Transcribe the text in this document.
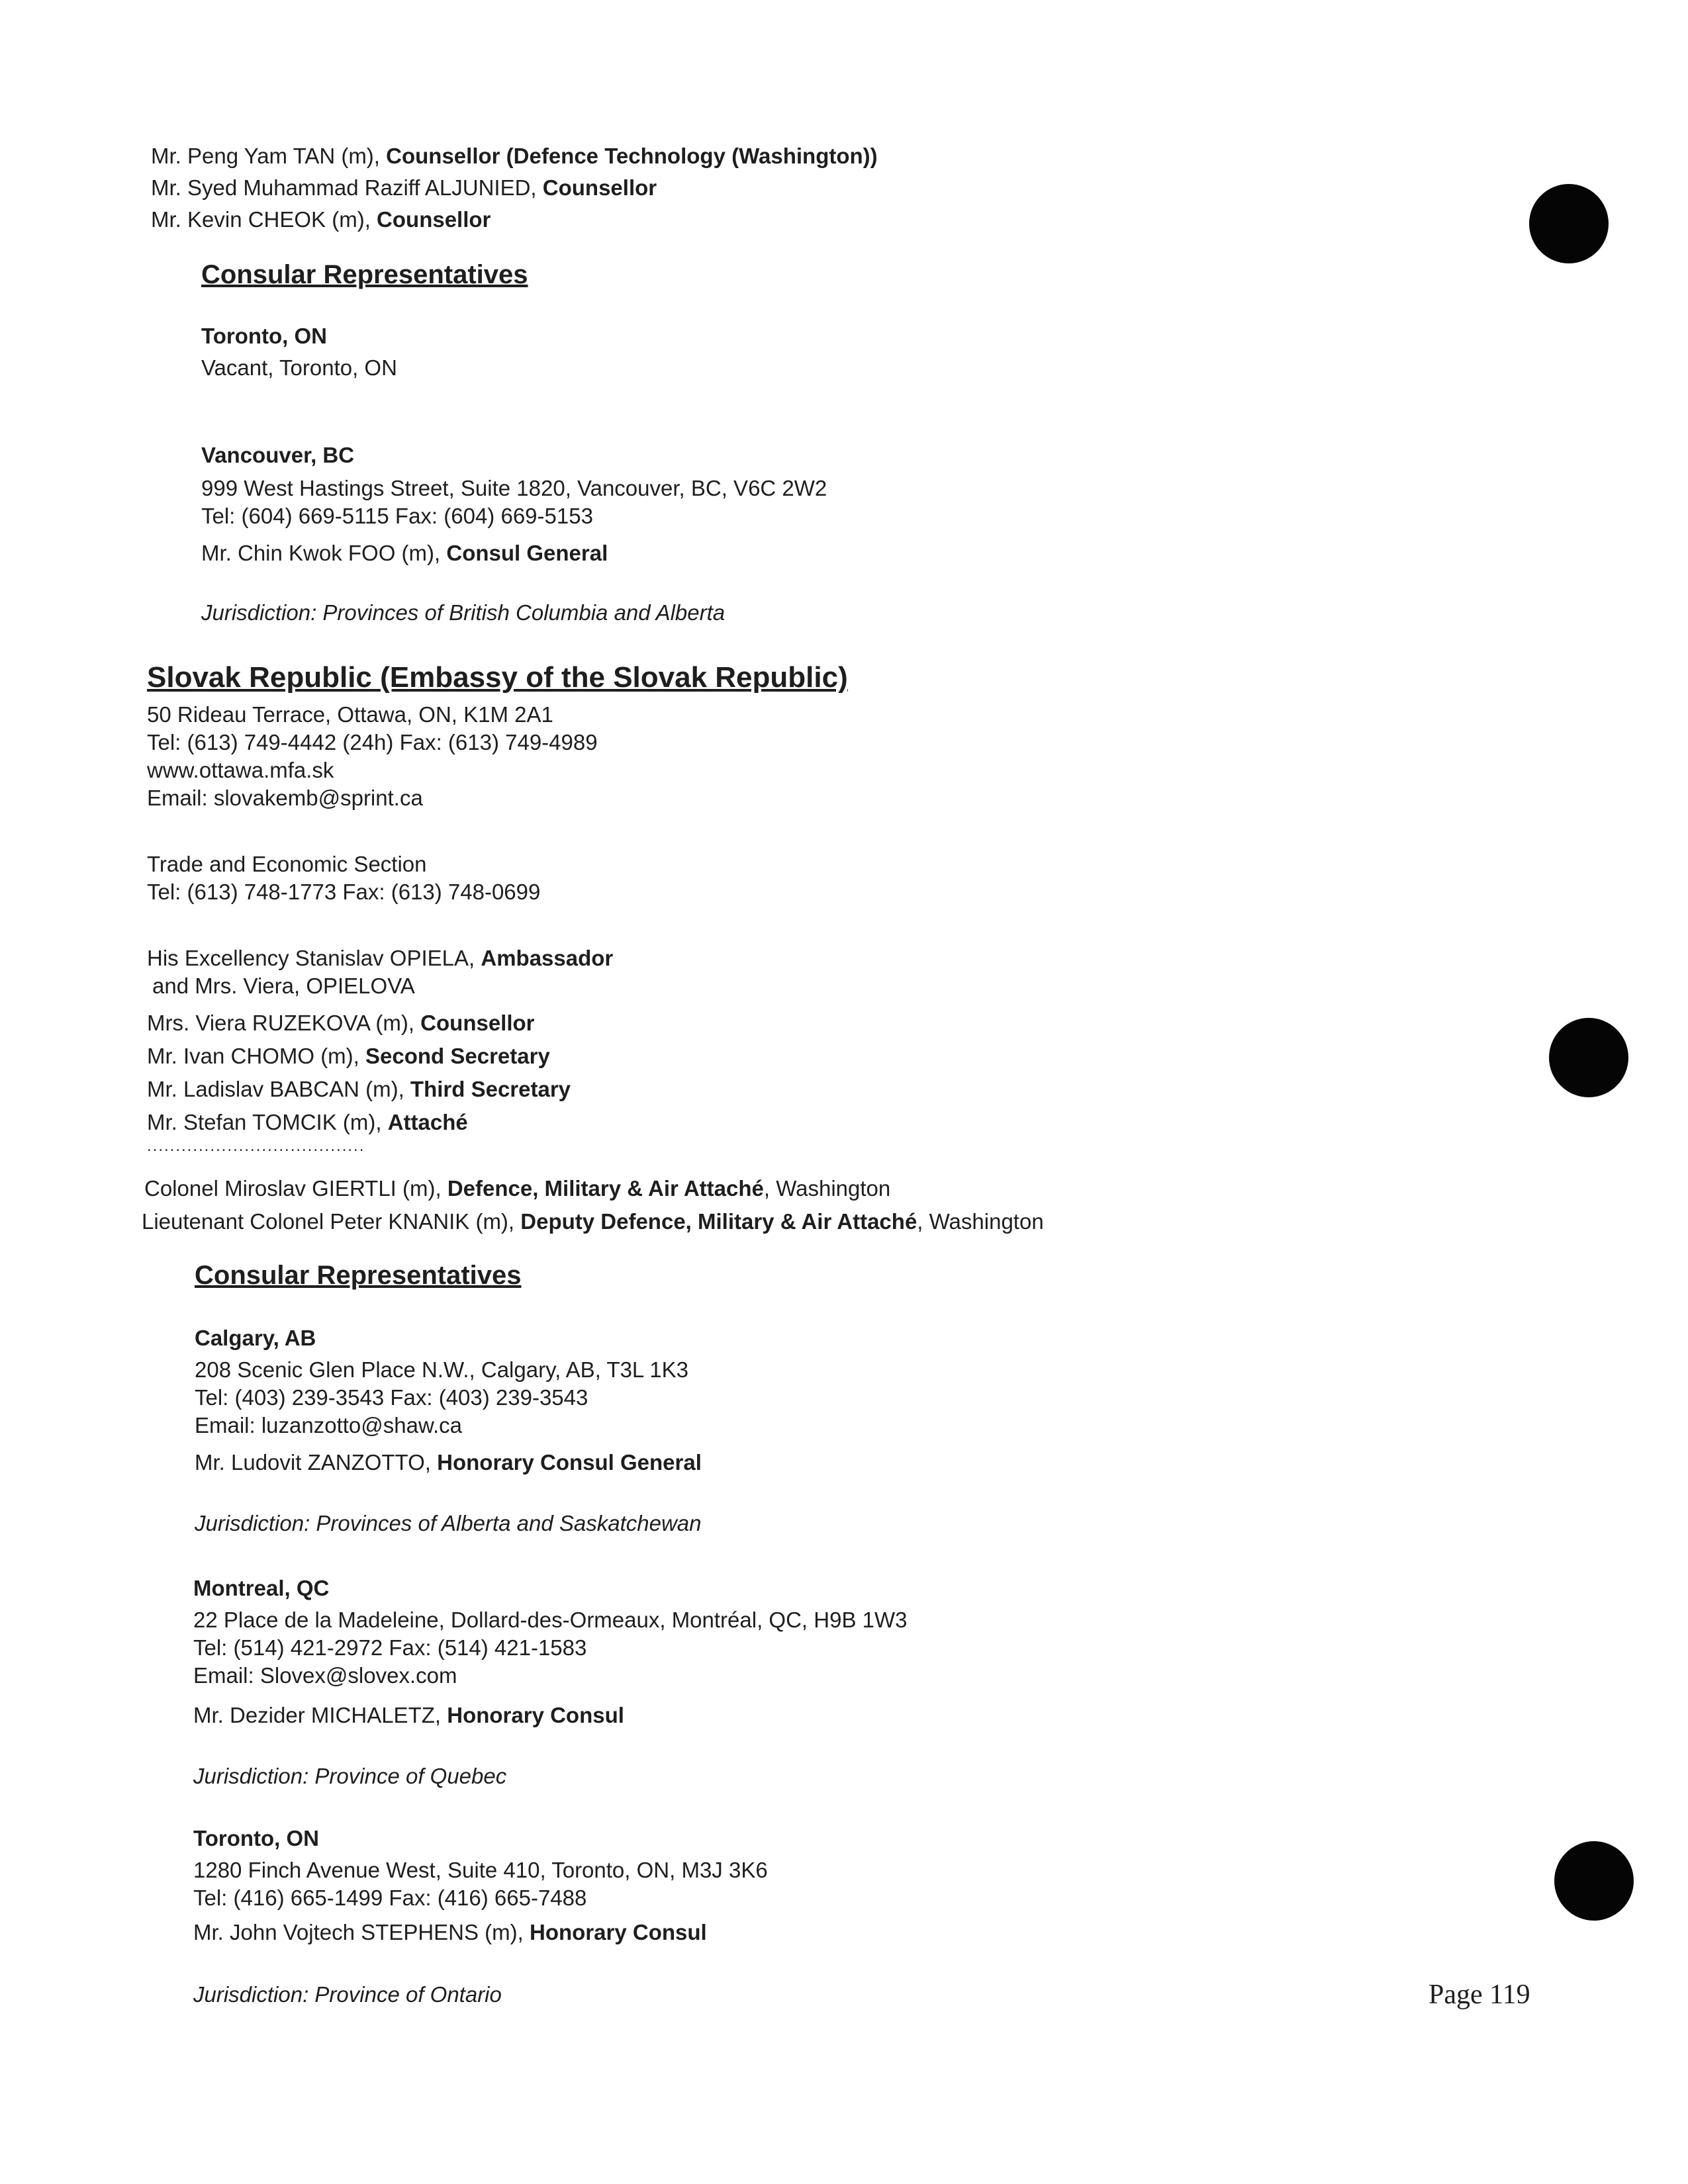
Mr. Peng Yam TAN (m), Counsellor (Defence Technology (Washington))
Mr. Syed Muhammad Raziff ALJUNIED, Counsellor
Mr. Kevin CHEOK (m), Counsellor
Consular Representatives
Toronto, ON
Vacant, Toronto, ON
Vancouver, BC
999 West Hastings Street, Suite 1820, Vancouver, BC, V6C 2W2
Tel: (604) 669-5115 Fax: (604) 669-5153
Mr. Chin Kwok FOO (m), Consul General
Jurisdiction: Provinces of British Columbia and Alberta
Slovak Republic (Embassy of the Slovak Republic)
50 Rideau Terrace, Ottawa, ON, K1M 2A1
Tel: (613) 749-4442 (24h) Fax: (613) 749-4989
www.ottawa.mfa.sk
Email: slovakemb@sprint.ca
Trade and Economic Section
Tel: (613) 748-1773 Fax: (613) 748-0699
His Excellency Stanislav OPIELA, Ambassador
and Mrs. Viera, OPIELOVA
Mrs. Viera RUZEKOVA (m), Counsellor
Mr. Ivan CHOMO (m), Second Secretary
Mr. Ladislav BABCAN (m), Third Secretary
Mr. Stefan TOMCIK (m), Attaché
......................................
Colonel Miroslav GIERTLI (m), Defence, Military & Air Attaché, Washington
Lieutenant Colonel Peter KNANIK (m), Deputy Defence, Military & Air Attaché, Washington
Consular Representatives
Calgary, AB
208 Scenic Glen Place N.W., Calgary, AB, T3L 1K3
Tel: (403) 239-3543 Fax: (403) 239-3543
Email: luzanzotto@shaw.ca
Mr. Ludovit ZANZOTTO, Honorary Consul General
Jurisdiction: Provinces of Alberta and Saskatchewan
Montreal, QC
22 Place de la Madeleine, Dollard-des-Ormeaux, Montréal, QC, H9B 1W3
Tel: (514) 421-2972 Fax: (514) 421-1583
Email: Slovex@slovex.com
Mr. Dezider MICHALETZ, Honorary Consul
Jurisdiction: Province of Quebec
Toronto, ON
1280 Finch Avenue West, Suite 410, Toronto, ON, M3J 3K6
Tel: (416) 665-1499 Fax: (416) 665-7488
Mr. John Vojtech STEPHENS (m), Honorary Consul
Jurisdiction: Province of Ontario	Page 119
